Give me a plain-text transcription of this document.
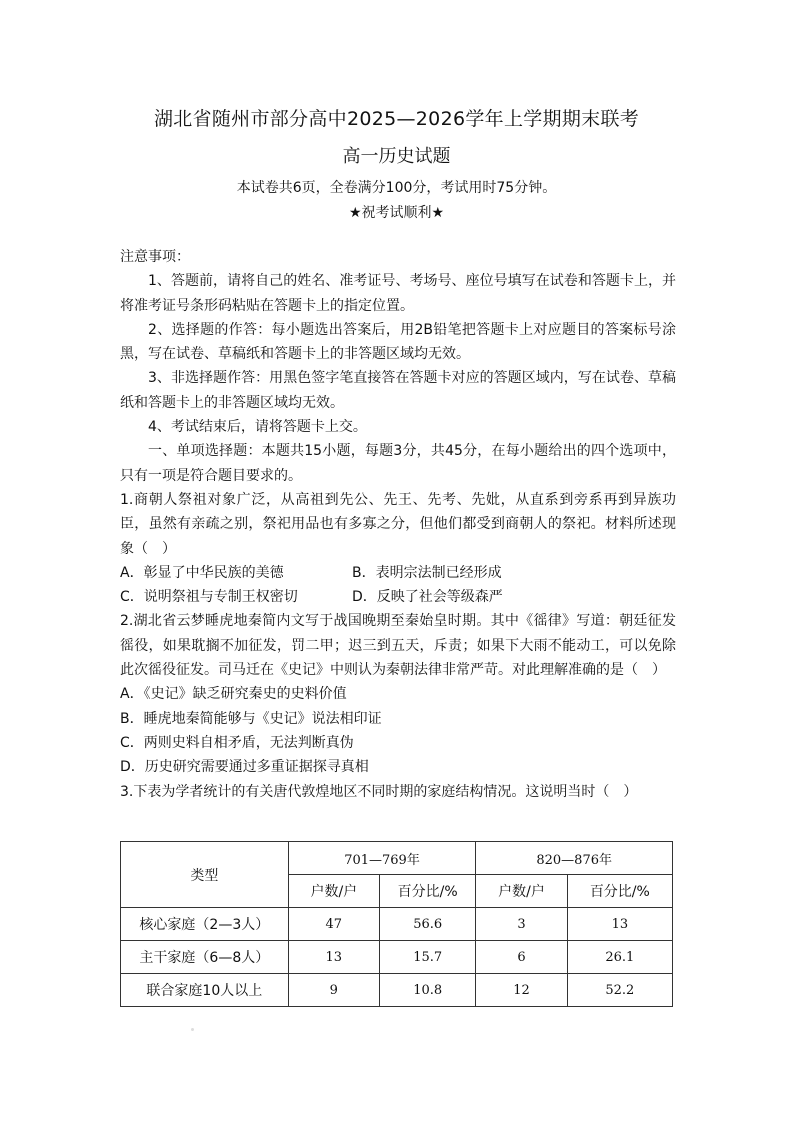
湖北省随州市部分高中2025—2026学年上学期期末联考
高一历史试题
本试卷共6页，全卷满分100分，考试用时75分钟。
★祝考试顺利★

注意事项：

1、答题前，请将自己的姓名、准考证号、考场号、座位号填写在试卷和答题卡上，并将准考证号条形码粘贴在答题卡上的指定位置。

2、选择题的作答：每小题选出答案后，用2B铅笔把答题卡上对应题目的答案标号涂黑，写在试卷、草稿纸和答题卡上的非答题区域均无效。

3、非选择题作答：用黑色签字笔直接答在答题卡对应的答题区域内，写在试卷、草稿纸和答题卡上的非答题区域均无效。

4、考试结束后，请将答题卡上交。

一、单项选择题：本题共15小题，每题3分，共45分，在每小题给出的四个选项中，只有一项是符合题目要求的。

1.商朝人祭祖对象广泛，从高祖到先公、先王、先考、先妣，从直系到旁系再到异族功臣，虽然有亲疏之别，祭祀用品也有多寡之分，但他们都受到商朝人的祭祀。材料所述现象（　）

A．彰显了中华民族的美德	B．表明宗法制已经形成
C．说明祭祖与专制王权密切	D．反映了社会等级森严

2.湖北省云梦睡虎地秦简内文写于战国晚期至秦始皇时期。其中《徭律》写道：朝廷征发徭役，如果耽搁不加征发，罚二甲；迟三到五天，斥责；如果下大雨不能动工，可以免除此次徭役征发。司马迁在《史记》中则认为秦朝法律非常严苛。对此理解准确的是（　）

A．《史记》缺乏研究秦史的史料价值

B．睡虎地秦简能够与《史记》说法相印证

C．两则史料自相矛盾，无法判断真伪

D．历史研究需要通过多重证据探寻真相

3.下表为学者统计的有关唐代敦煌地区不同时期的家庭结构情况。这说明当时（　）

类型	701—769年		820—876年	
	户数/户	百分比/%	户数/户	百分比/%
核心家庭（2—3人）	47	56.6	3	13
主干家庭（6—8人）	13	15.7	6	26.1
联合家庭10人以上	9	10.8	12	52.2
